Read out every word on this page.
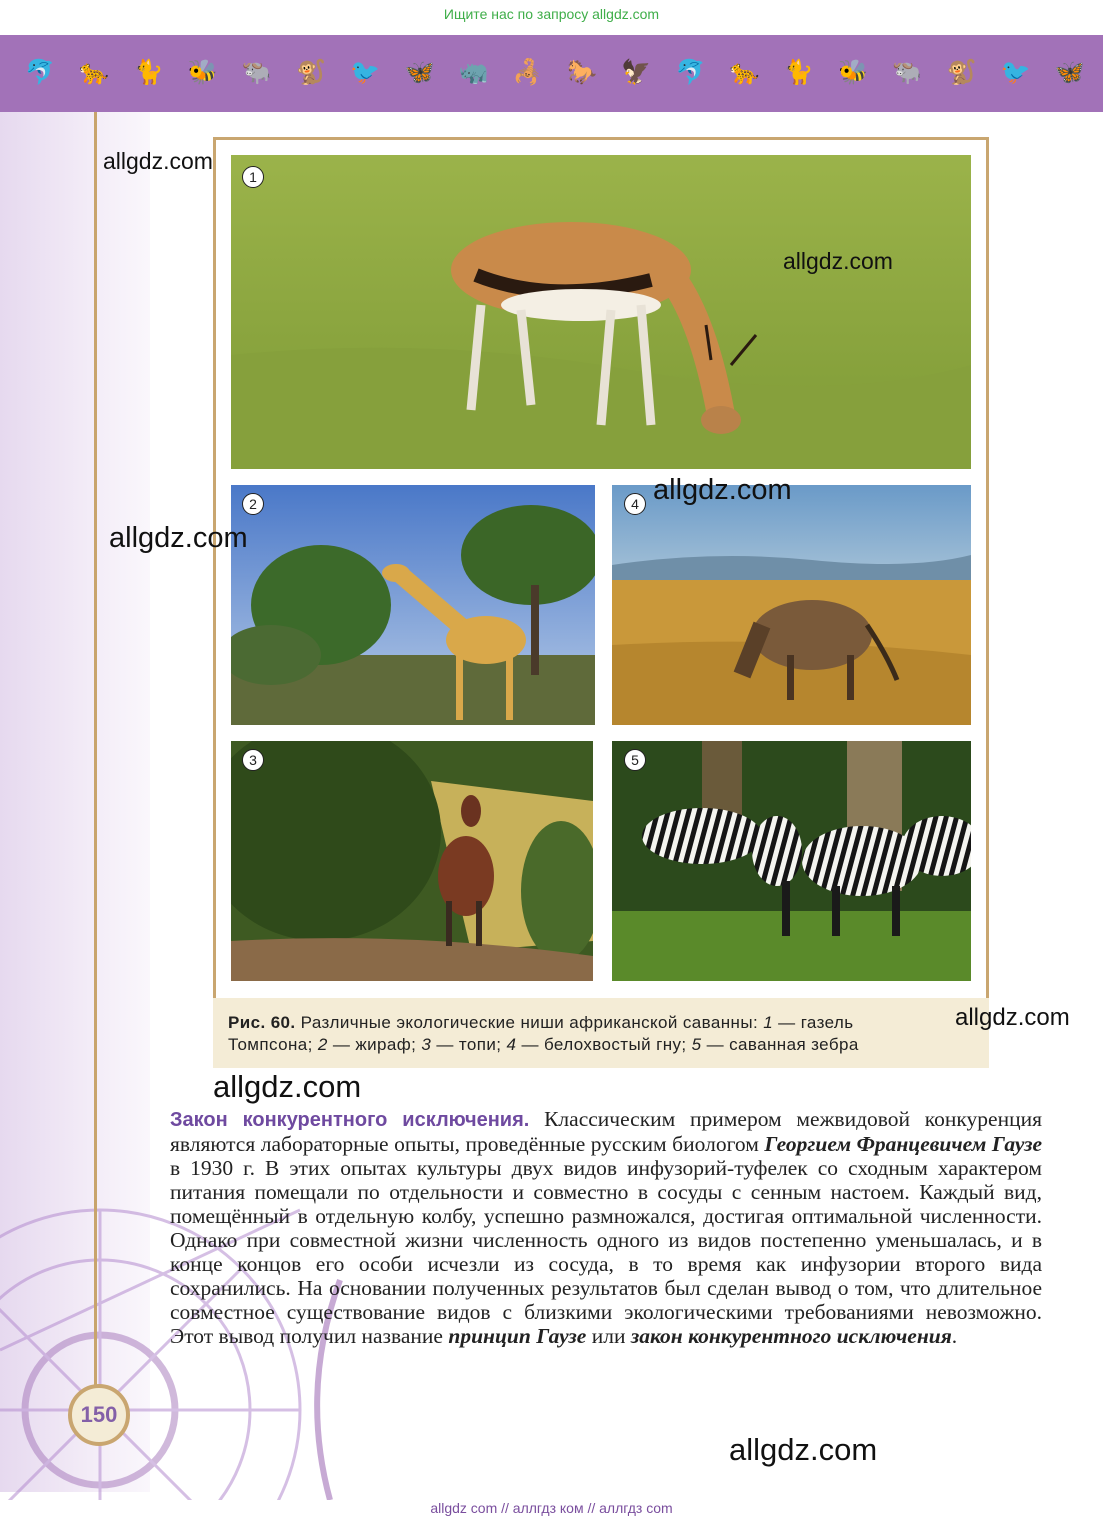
Ищите нас по запросу allgdz.com
🐬 🐆 🐈 🐝 🐃 🐒 🐦 🦋 🦏 🦂 🐎 🦅 🐬 🐆 🐈 🐝 🐃 🐒 🐦 🦋
1
2
3
4
5
Рис. 60. Различные экологические ниши африканской саванны: 1 — газель
Томпсона; 2 — жираф; 3 — топи; 4 — белохвостый гну; 5 — саванная зебра

Закон конкурентного исключения. Классическим примером межвидовой конкуренция являются лабораторные опыты, проведённые русским биологом Георгием Францевичем Гаузе в 1930 г. В этих опытах культуры двух видов инфузорий-туфелек со сходным характером питания помещали по отдельности и совместно в сосуды с сенным настоем. Каждый вид, помещённый в отдельную колбу, успешно размножался, достигая оптимальной численности. Однако при совместной жизни численность одного из видов постепенно уменьшалась, и в конце концов его особи исчезли из сосуда, в то время как инфузории второго вида сохранились. На основании полученных результатов был сделан вывод о том, что длительное совместное существование видов с близкими экологическими требованиями невозможно. Этот вывод получил название принцип Гаузе или закон конкурентного исключения.

150
allgdz.com
allgdz.com
allgdz.com
allgdz.com
allgdz.com
allgdz.com
allgdz.com
allgdz com // аллгдз ком // аллгдз com
